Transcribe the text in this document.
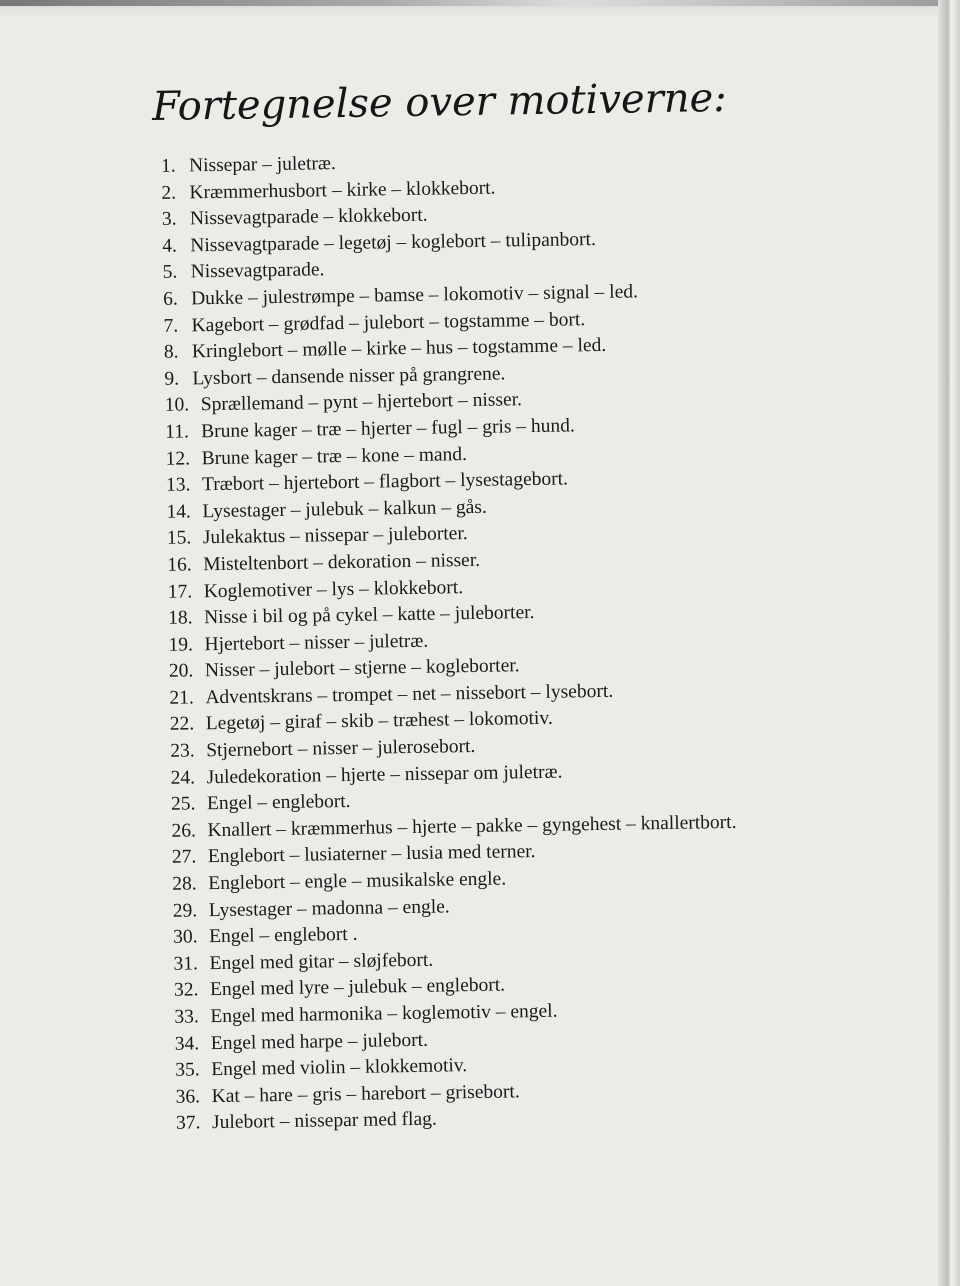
Fortegnelse over motiverne:
1. Nissepar – juletræ.
2. Kræmmerhusbort – kirke – klokkebort.
3. Nissevagtparade – klokkebort.
4. Nissevagtparade – legetøj – koglebort – tulipanbort.
5. Nissevagtparade.
6. Dukke – julestrømpe – bamse – lokomotiv – signal – led.
7. Kagebort – grødfad – julebort – togstamme – bort.
8. Kringlebort – mølle – kirke – hus – togstamme – led.
9. Lysbort – dansende nisser på grangrene.
10. Sprællemand – pynt – hjertebort – nisser.
11. Brune kager – træ – hjerter – fugl – gris – hund.
12. Brune kager – træ – kone – mand.
13. Træbort – hjertebort – flagbort – lysestagebort.
14. Lysestager – julebuk – kalkun – gås.
15. Julekaktus – nissepar – juleborter.
16. Misteltenbort – dekoration – nisser.
17. Koglemotiver – lys – klokkebort.
18. Nisse i bil og på cykel – katte – juleborter.
19. Hjertebort – nisser – juletræ.
20. Nisser – julebort – stjerne – kogleborter.
21. Adventskrans – trompet – net – nissebort – lysebort.
22. Legetøj – giraf – skib – træhest – lokomotiv.
23. Stjernebort – nisser – julerosebort.
24. Juledekoration – hjerte – nissepar om juletræ.
25. Engel – englebort.
26. Knallert – kræmmerhus – hjerte – pakke – gyngehest – knallertbort.
27. Englebort – lusiaterner – lusia med terner.
28. Englebort – engle – musikalske engle.
29. Lysestager – madonna – engle.
30. Engel – englebort .
31. Engel med gitar – sløjfebort.
32. Engel med lyre – julebuk – englebort.
33. Engel med harmonika – koglemotiv – engel.
34. Engel med harpe – julebort.
35. Engel med violin – klokkemotiv.
36. Kat – hare – gris – harebort – grisebort.
37. Julebort – nissepar med flag.
